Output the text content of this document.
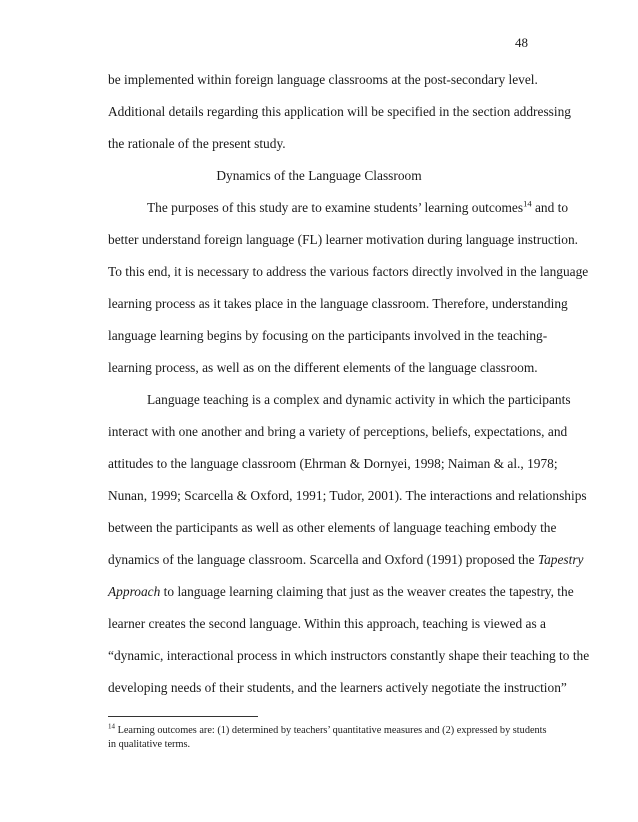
48
be implemented within foreign language classrooms at the post-secondary level.
Additional details regarding this application will be specified in the section addressing
the rationale of the present study.
Dynamics of the Language Classroom
The purposes of this study are to examine students’ learning outcomes$^{14}$ and to
better understand foreign language (FL) learner motivation during language instruction.
To this end, it is necessary to address the various factors directly involved in the language
learning process as it takes place in the language classroom. Therefore, understanding
language learning begins by focusing on the participants involved in the teaching-
learning process, as well as on the different elements of the language classroom.
Language teaching is a complex and dynamic activity in which the participants
interact with one another and bring a variety of perceptions, beliefs, expectations, and
attitudes to the language classroom (Ehrman & Dornyei, 1998; Naiman & al., 1978;
Nunan, 1999; Scarcella & Oxford, 1991; Tudor, 2001). The interactions and relationships
between the participants as well as other elements of language teaching embody the
dynamics of the language classroom. Scarcella and Oxford (1991) proposed the Tapestry
Approach to language learning claiming that just as the weaver creates the tapestry, the
learner creates the second language. Within this approach, teaching is viewed as a
“dynamic, interactional process in which instructors constantly shape their teaching to the
developing needs of their students, and the learners actively negotiate the instruction”
$^{14}$ Learning outcomes are: (1) determined by teachers’ quantitative measures and (2) expressed by students
in qualitative terms.
